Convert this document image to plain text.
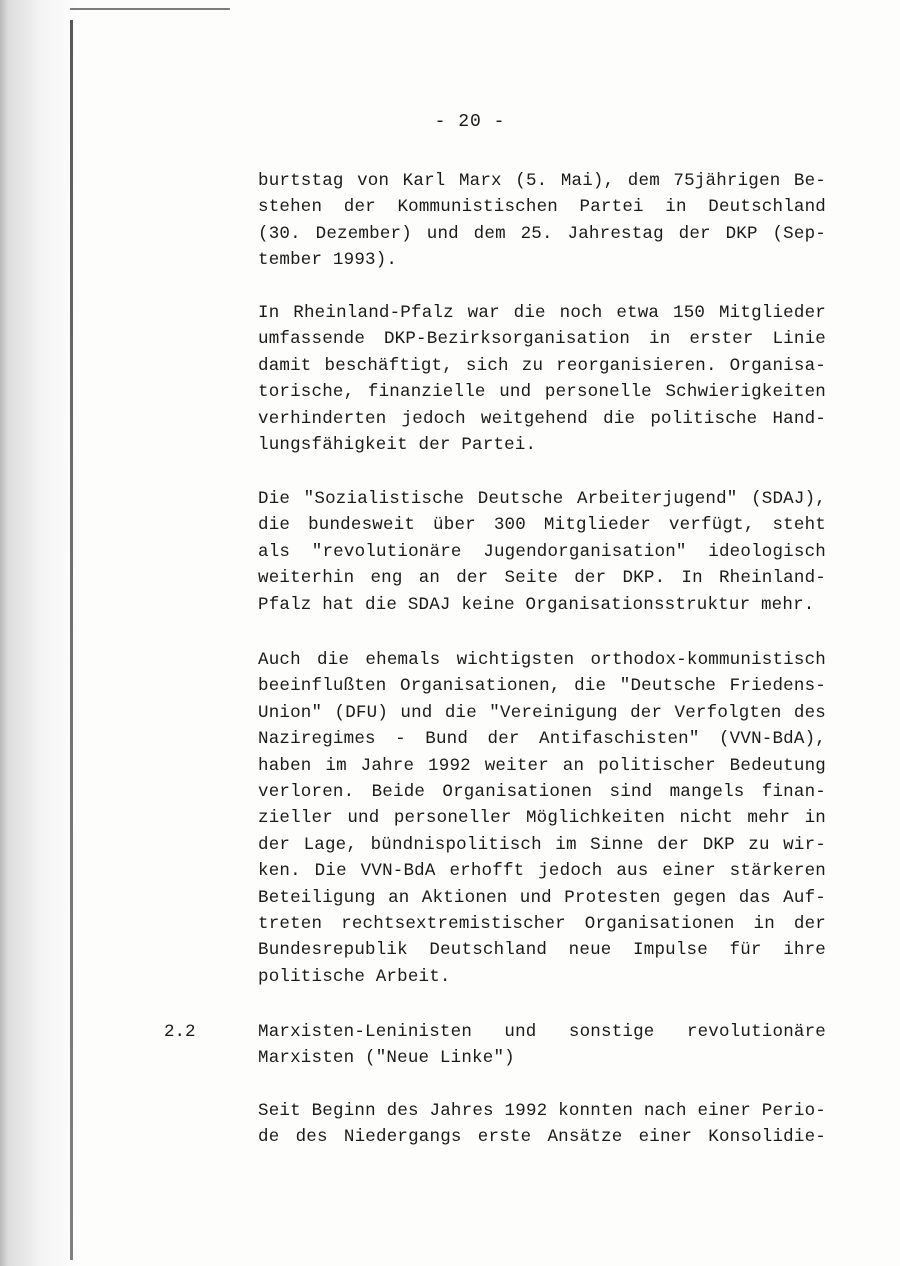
- 20 -
burtstag von Karl Marx (5. Mai), dem 75jährigen Be-
stehen der Kommunistischen Partei in Deutschland
(30. Dezember) und dem 25. Jahrestag der DKP (Sep-
tember 1993).
In Rheinland-Pfalz war die noch etwa 150 Mitglieder
umfassende DKP-Bezirksorganisation in erster Linie
damit beschäftigt, sich zu reorganisieren. Organisa-
torische, finanzielle und personelle Schwierigkeiten
verhinderten jedoch weitgehend die politische Hand-
lungsfähigkeit der Partei.
Die "Sozialistische Deutsche Arbeiterjugend" (SDAJ),
die bundesweit über 300 Mitglieder verfügt, steht
als "revolutionäre Jugendorganisation" ideologisch
weiterhin eng an der Seite der DKP. In Rheinland-
Pfalz hat die SDAJ keine Organisationsstruktur mehr.
Auch die ehemals wichtigsten orthodox-kommunistisch
beeinflußten Organisationen, die "Deutsche Friedens-
Union" (DFU) und die "Vereinigung der Verfolgten des
Naziregimes - Bund der Antifaschisten" (VVN-BdA),
haben im Jahre 1992 weiter an politischer Bedeutung
verloren. Beide Organisationen sind mangels finan-
zieller und personeller Möglichkeiten nicht mehr in
der Lage, bündnispolitisch im Sinne der DKP zu wir-
ken. Die VVN-BdA erhofft jedoch aus einer stärkeren
Beteiligung an Aktionen und Protesten gegen das Auf-
treten rechtsextremistischer Organisationen in der
Bundesrepublik Deutschland neue Impulse für ihre
politische Arbeit.
2.2	Marxisten-Leninisten und sonstige revolutionäre
Marxisten ("Neue Linke")
Seit Beginn des Jahres 1992 konnten nach einer Perio-
de des Niedergangs erste Ansätze einer Konsolidie-
